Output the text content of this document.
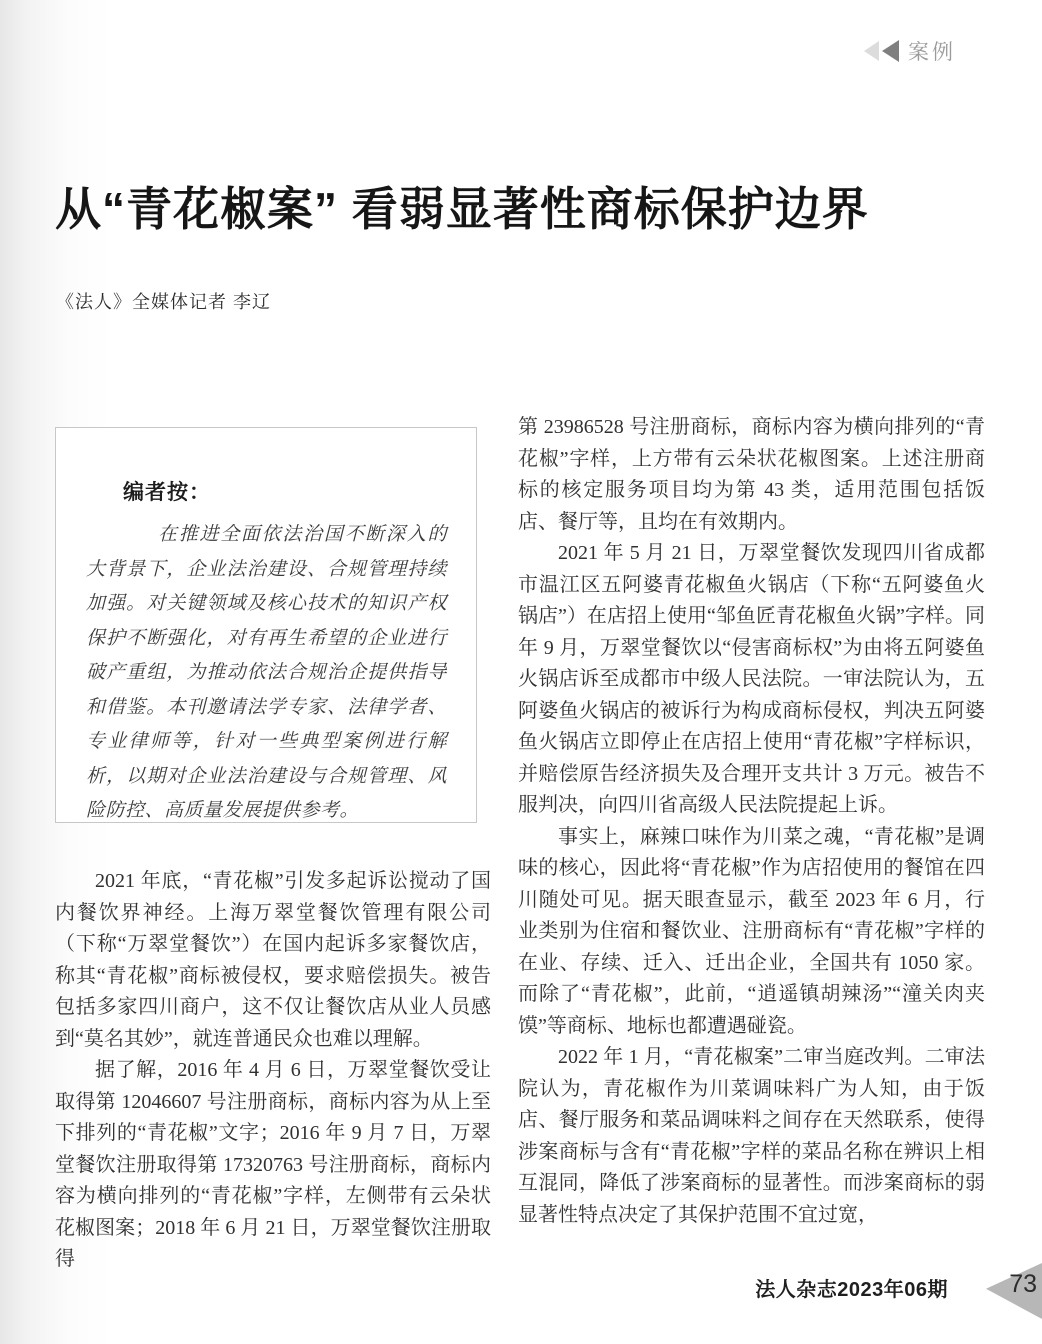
案例
从“青花椒案” 看弱显著性商标保护边界
《法人》全媒体记者 李辽
编者按：

在推进全面依法治国不断深入的大背景下，企业法治建设、合规管理持续加强。对关键领域及核心技术的知识产权保护不断强化，对有再生希望的企业进行破产重组，为推动依法合规治企提供指导和借鉴。本刊邀请法学专家、法律学者、专业律师等，针对一些典型案例进行解析，以期对企业法治建设与合规管理、风险防控、高质量发展提供参考。

2021 年底，“青花椒”引发多起诉讼搅动了国内餐饮界神经。上海万翠堂餐饮管理有限公司（下称“万翠堂餐饮”）在国内起诉多家餐饮店，称其“青花椒”商标被侵权，要求赔偿损失。被告包括多家四川商户，这不仅让餐饮店从业人员感到“莫名其妙”，就连普通民众也难以理解。

据了解，2016 年 4 月 6 日，万翠堂餐饮受让取得第 12046607 号注册商标，商标内容为从上至下排列的“青花椒”文字；2016 年 9 月 7 日，万翠堂餐饮注册取得第 17320763 号注册商标，商标内容为横向排列的“青花椒”字样，左侧带有云朵状花椒图案；2018 年 6 月 21 日，万翠堂餐饮注册取得

第 23986528 号注册商标，商标内容为横向排列的“青花椒”字样，上方带有云朵状花椒图案。上述注册商标的核定服务项目均为第 43 类，适用范围包括饭店、餐厅等，且均在有效期内。

2021 年 5 月 21 日，万翠堂餐饮发现四川省成都市温江区五阿婆青花椒鱼火锅店（下称“五阿婆鱼火锅店”）在店招上使用“邹鱼匠青花椒鱼火锅”字样。同年 9 月，万翠堂餐饮以“侵害商标权”为由将五阿婆鱼火锅店诉至成都市中级人民法院。一审法院认为，五阿婆鱼火锅店的被诉行为构成商标侵权，判决五阿婆鱼火锅店立即停止在店招上使用“青花椒”字样标识，并赔偿原告经济损失及合理开支共计 3 万元。被告不服判决，向四川省高级人民法院提起上诉。

事实上，麻辣口味作为川菜之魂，“青花椒”是调味的核心，因此将“青花椒”作为店招使用的餐馆在四川随处可见。据天眼查显示，截至 2023 年 6 月，行业类别为住宿和餐饮业、注册商标有“青花椒”字样的在业、存续、迁入、迁出企业，全国共有 1050 家。而除了“青花椒”，此前，“逍遥镇胡辣汤”“潼关肉夹馍”等商标、地标也都遭遇碰瓷。

2022 年 1 月，“青花椒案”二审当庭改判。二审法院认为，青花椒作为川菜调味料广为人知，由于饭店、餐厅服务和菜品调味料之间存在天然联系，使得涉案商标与含有“青花椒”字样的菜品名称在辨识上相互混同，降低了涉案商标的显著性。而涉案商标的弱显著性特点决定了其保护范围不宜过宽，

法人杂志2023年06期 73
